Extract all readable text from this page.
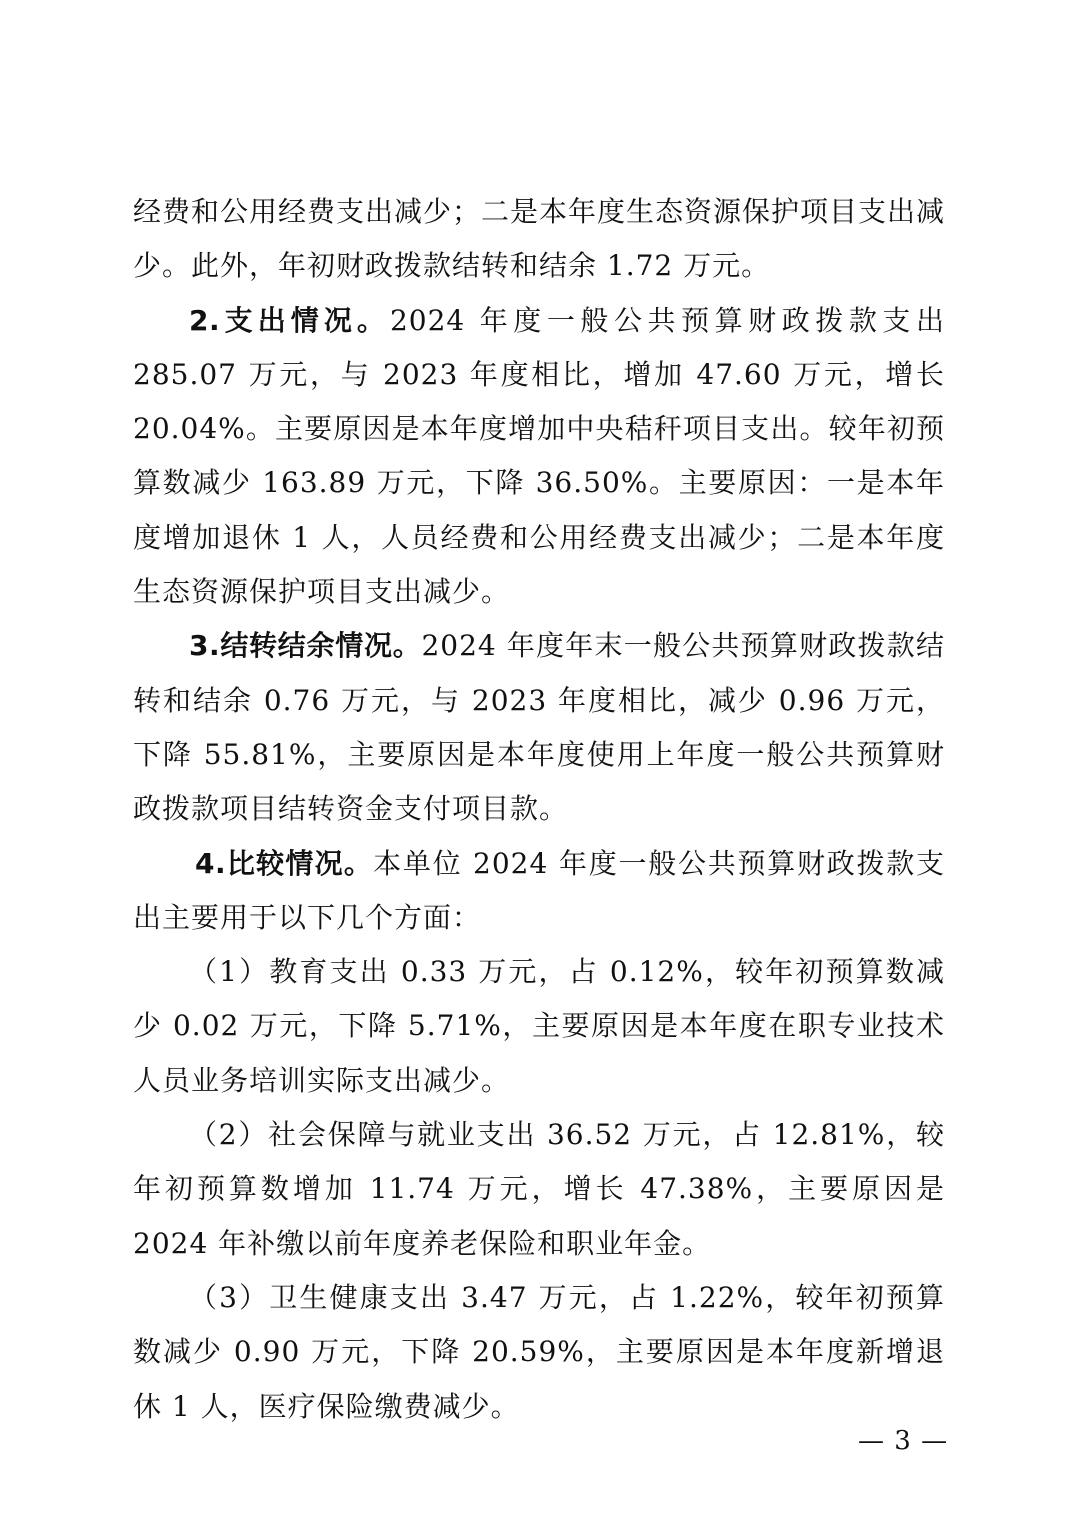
经费和公用经费支出减少；二是本年度生态资源保护项目支出减少。此外，年初财政拨款结转和结余 1.72 万元。

2.支出情况。2024 年度一般公共预算财政拨款支出 285.07 万元，与 2023 年度相比，增加 47.60 万元，增长 20.04%。主要原因是本年度增加中央秸秆项目支出。较年初预算数减少 163.89 万元，下降 36.50%。主要原因：一是本年度增加退休 1 人，人员经费和公用经费支出减少；二是本年度生态资源保护项目支出减少。

3.结转结余情况。2024 年度年末一般公共预算财政拨款结转和结余 0.76 万元，与 2023 年度相比，减少 0.96 万元，下降 55.81%，主要原因是本年度使用上年度一般公共预算财政拨款项目结转资金支付项目款。

4.比较情况。本单位 2024 年度一般公共预算财政拨款支出主要用于以下几个方面：

（1）教育支出 0.33 万元，占 0.12%，较年初预算数减少 0.02 万元，下降 5.71%，主要原因是本年度在职专业技术人员业务培训实际支出减少。

（2）社会保障与就业支出 36.52 万元，占 12.81%，较年初预算数增加 11.74 万元，增长 47.38%，主要原因是 2024 年补缴以前年度养老保险和职业年金。

（3）卫生健康支出 3.47 万元，占 1.22%，较年初预算数减少 0.90 万元，下降 20.59%，主要原因是本年度新增退休 1 人，医疗保险缴费减少。

— 3 —
